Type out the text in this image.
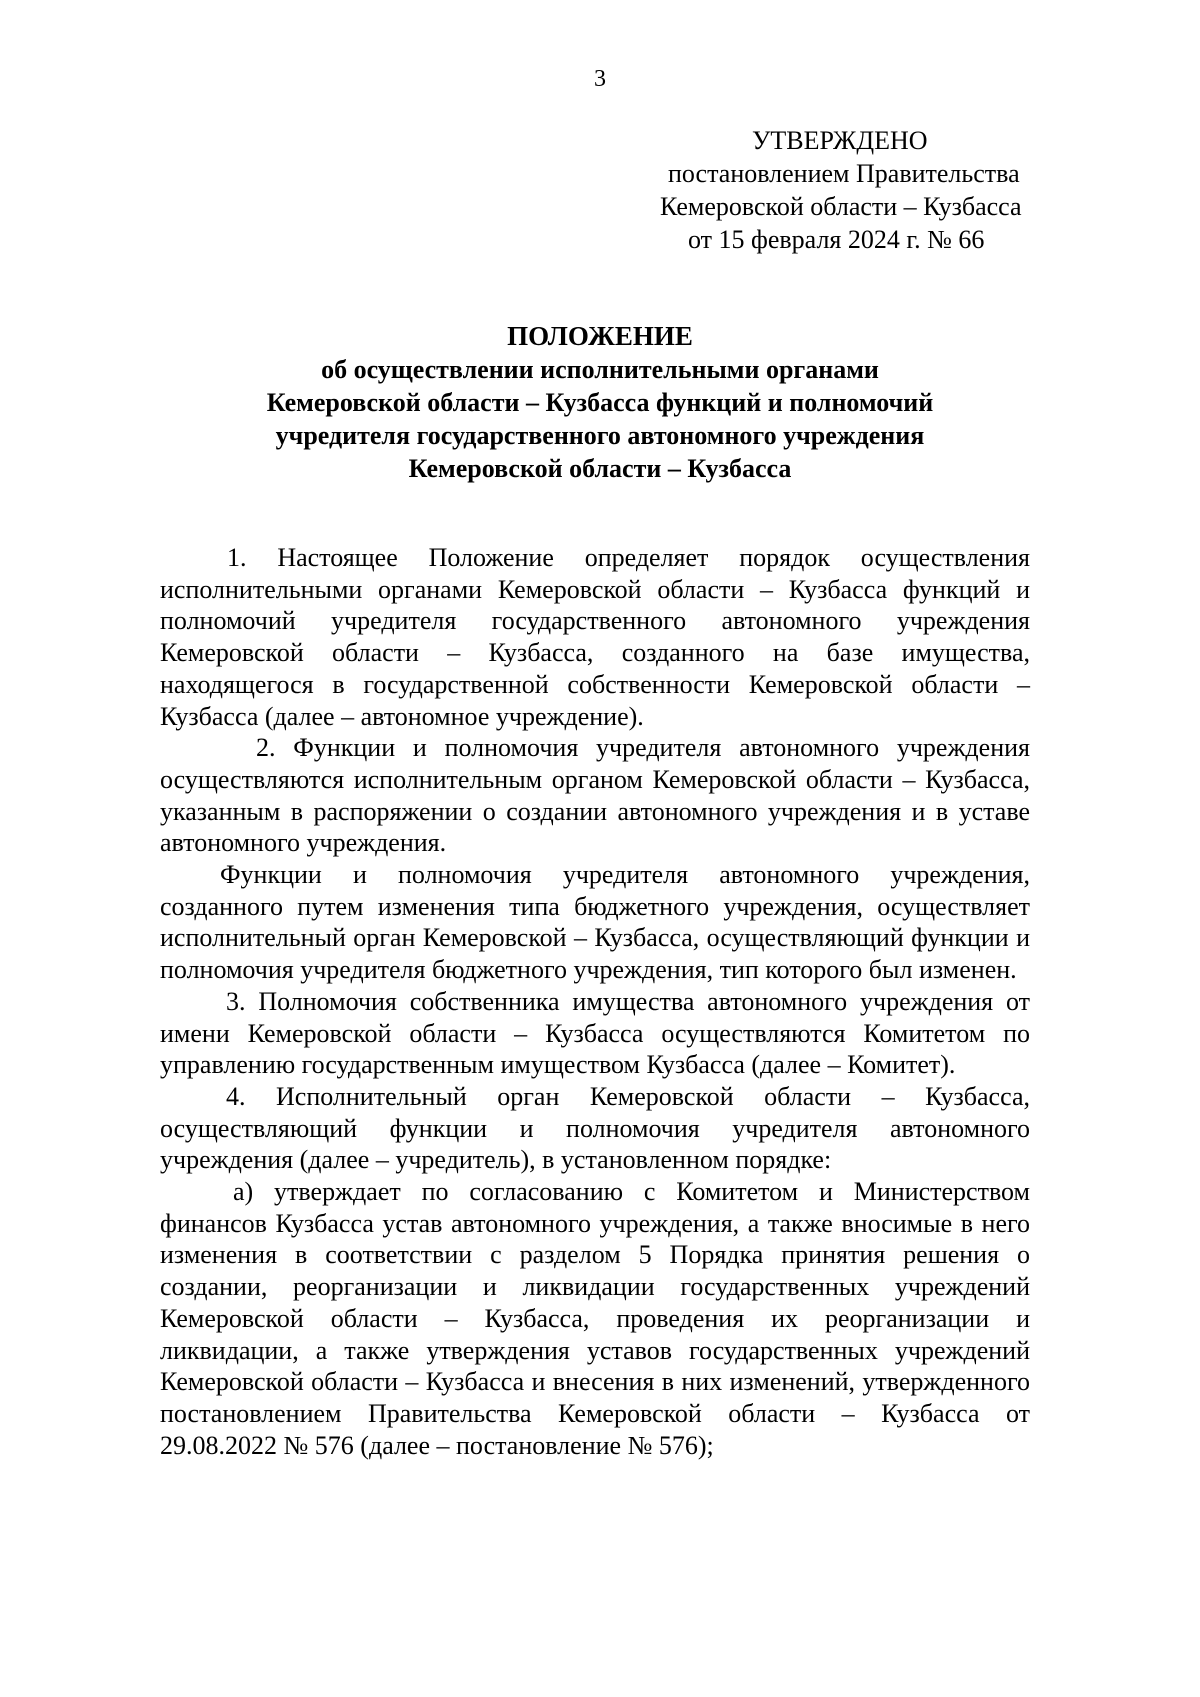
3
УТВЕРЖДЕНО
постановлением Правительства
Кемеровской области – Кузбасса
от 15 февраля 2024 г. № 66
ПОЛОЖЕНИЕ
об осуществлении исполнительными органами
Кемеровской области – Кузбасса функций и полномочий
учредителя государственного автономного учреждения
Кемеровской области – Кузбасса

1. Настоящее Положение определяет порядок осуществления исполнительными органами Кемеровской области – Кузбасса функций и полномочий учредителя государственного автономного учреждения Кемеровской области – Кузбасса, созданного на базе имущества, находящегося в государственной собственности Кемеровской области – Кузбасса (далее – автономное учреждение).

2. Функции и полномочия учредителя автономного учреждения осуществляются исполнительным органом Кемеровской области – Кузбасса, указанным в распоряжении о создании автономного учреждения и в уставе автономного учреждения.

Функции и полномочия учредителя автономного учреждения, созданного путем изменения типа бюджетного учреждения, осуществляет исполнительный орган Кемеровской – Кузбасса, осуществляющий функции и полномочия учредителя бюджетного учреждения, тип которого был изменен.

3. Полномочия собственника имущества автономного учреждения от имени Кемеровской области – Кузбасса осуществляются Комитетом по управлению государственным имуществом Кузбасса (далее – Комитет).

4. Исполнительный орган Кемеровской области – Кузбасса, осуществляющий функции и полномочия учредителя автономного учреждения (далее – учредитель), в установленном порядке:

а) утверждает по согласованию с Комитетом и Министерством финансов Кузбасса устав автономного учреждения, а также вносимые в него изменения в соответствии с разделом 5 Порядка принятия решения о создании, реорганизации и ликвидации государственных учреждений Кемеровской области – Кузбасса, проведения их реорганизации и ликвидации, а также утверждения уставов государственных учреждений Кемеровской области – Кузбасса и внесения в них изменений, утвержденного постановлением Правительства Кемеровской области – Кузбасса от 29.08.2022 № 576 (далее – постановление № 576);
